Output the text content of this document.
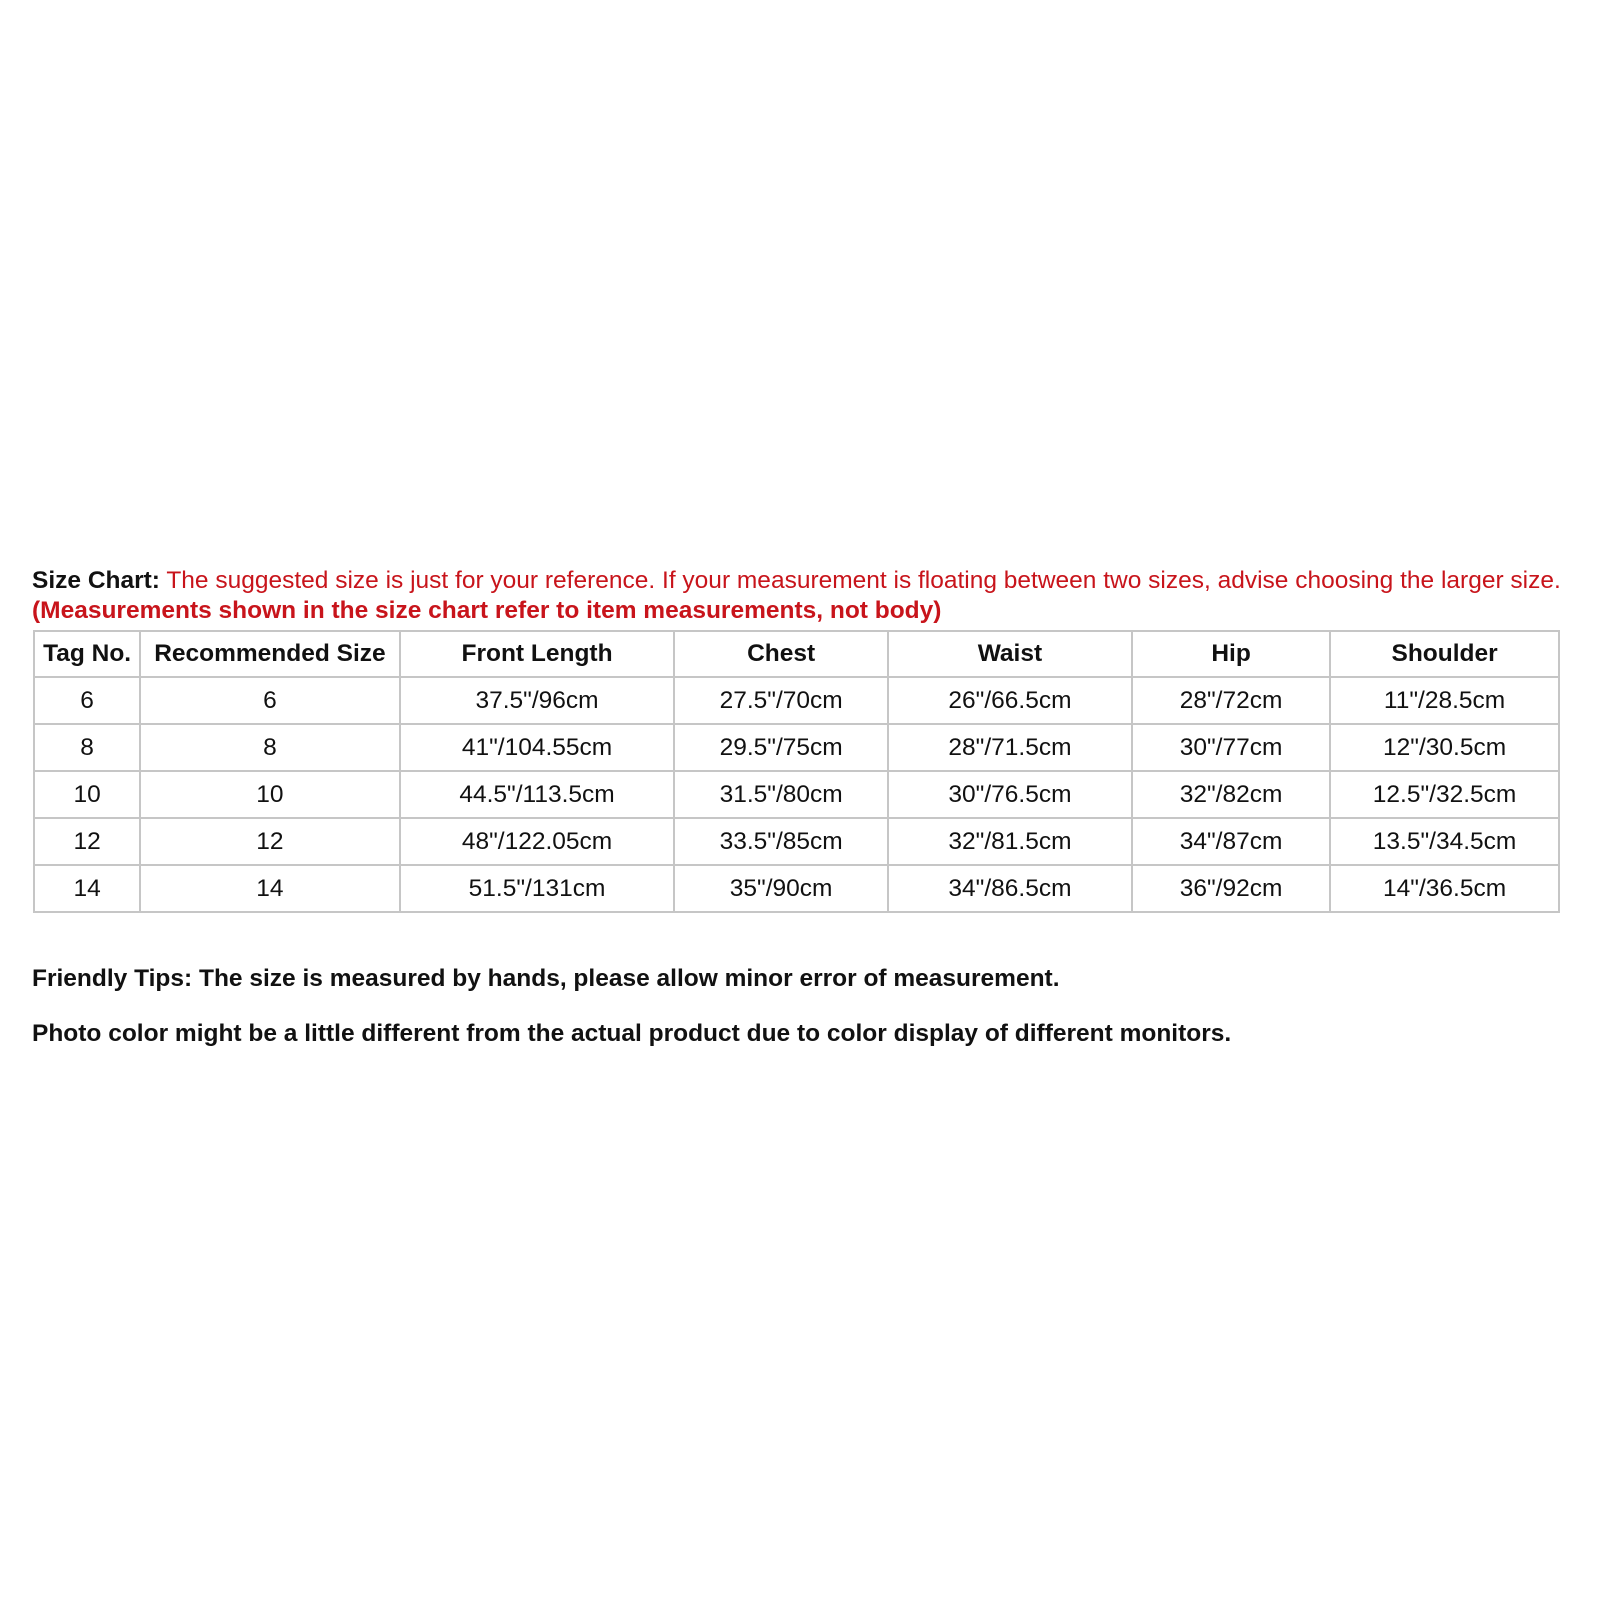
Size Chart: The suggested size is just for your reference. If your measurement is floating between two sizes, advise choosing the larger size. (Measurements shown in the size chart refer to item measurements, not body)

Tag No.	Recommended Size	Front Length	Chest	Waist	Hip	Shoulder
6	6	37.5"/96cm	27.5"/70cm	26"/66.5cm	28"/72cm	11"/28.5cm
8	8	41"/104.55cm	29.5"/75cm	28"/71.5cm	30"/77cm	12"/30.5cm
10	10	44.5"/113.5cm	31.5"/80cm	30"/76.5cm	32"/82cm	12.5"/32.5cm
12	12	48"/122.05cm	33.5"/85cm	32"/81.5cm	34"/87cm	13.5"/34.5cm
14	14	51.5"/131cm	35"/90cm	34"/86.5cm	36"/92cm	14"/36.5cm

Friendly Tips: The size is measured by hands, please allow minor error of measurement.

Photo color might be a little different from the actual product due to color display of different monitors.
